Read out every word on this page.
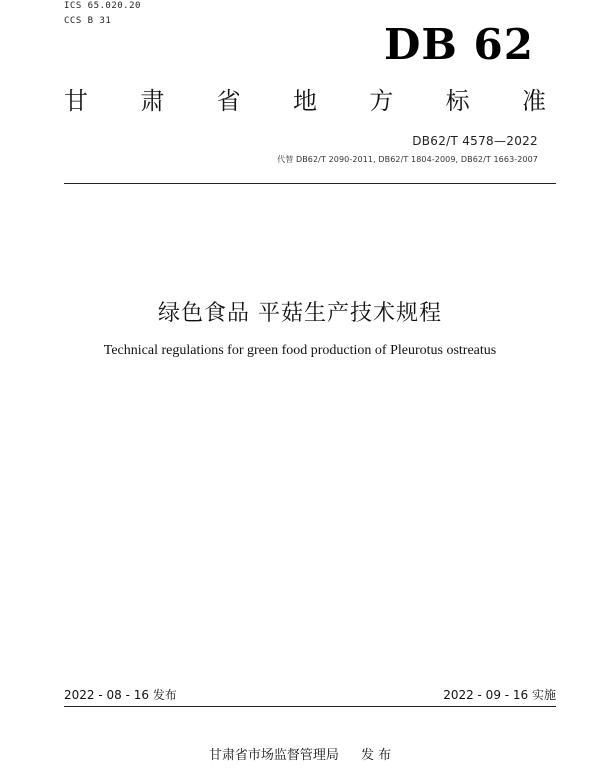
ICS 65.020.20
CCS B 31	DB 62
甘 肃 省 地 方 标 准
DB62/T 4578—2022
代替 DB62/T 2090-2011, DB62/T 1804-2009, DB62/T 1663-2007
绿色食品 平菇生产技术规程
Technical regulations for green food production of Pleurotus ostreatus
2022 - 08 - 16 发布	2022 - 09 - 16 实施
甘肃省市场监督管理局 发 布
